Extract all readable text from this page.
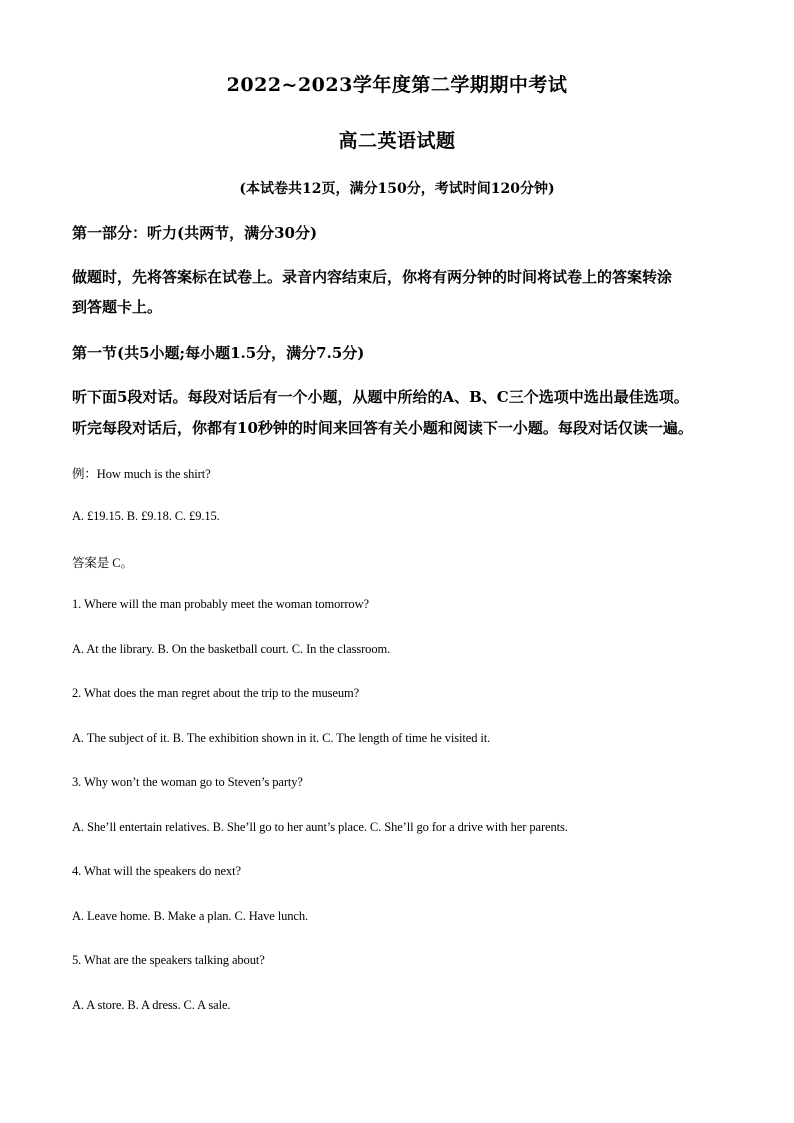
2022~2023学年度第二学期期中考试
高二英语试题
(本试卷共12页，满分150分，考试时间120分钟)
第一部分：听力(共两节，满分30分)
做题时，先将答案标在试卷上。录音内容结束后，你将有两分钟的时间将试卷上的答案转涂
到答题卡上。
第一节(共5小题;每小题1.5分，满分7.5分)
听下面5段对话。每段对话后有一个小题，从题中所给的A、B、C三个选项中选出最佳选项。
听完每段对话后，你都有10秒钟的时间来回答有关小题和阅读下一小题。每段对话仅读一遍。
例：How much is the shirt?
A. £19.15. B. £9.18. C. £9.15.
答案是 C。
1. Where will the man probably meet the woman tomorrow?
A. At the library. B. On the basketball court. C. In the classroom.
2. What does the man regret about the trip to the museum?
A. The subject of it. B. The exhibition shown in it. C. The length of time he visited it.
3. Why won’t the woman go to Steven’s party?
A. She’ll entertain relatives. B. She’ll go to her aunt’s place. C. She’ll go for a drive with her parents.
4. What will the speakers do next?
A. Leave home. B. Make a plan. C. Have lunch.
5. What are the speakers talking about?
A. A store. B. A dress. C. A sale.
